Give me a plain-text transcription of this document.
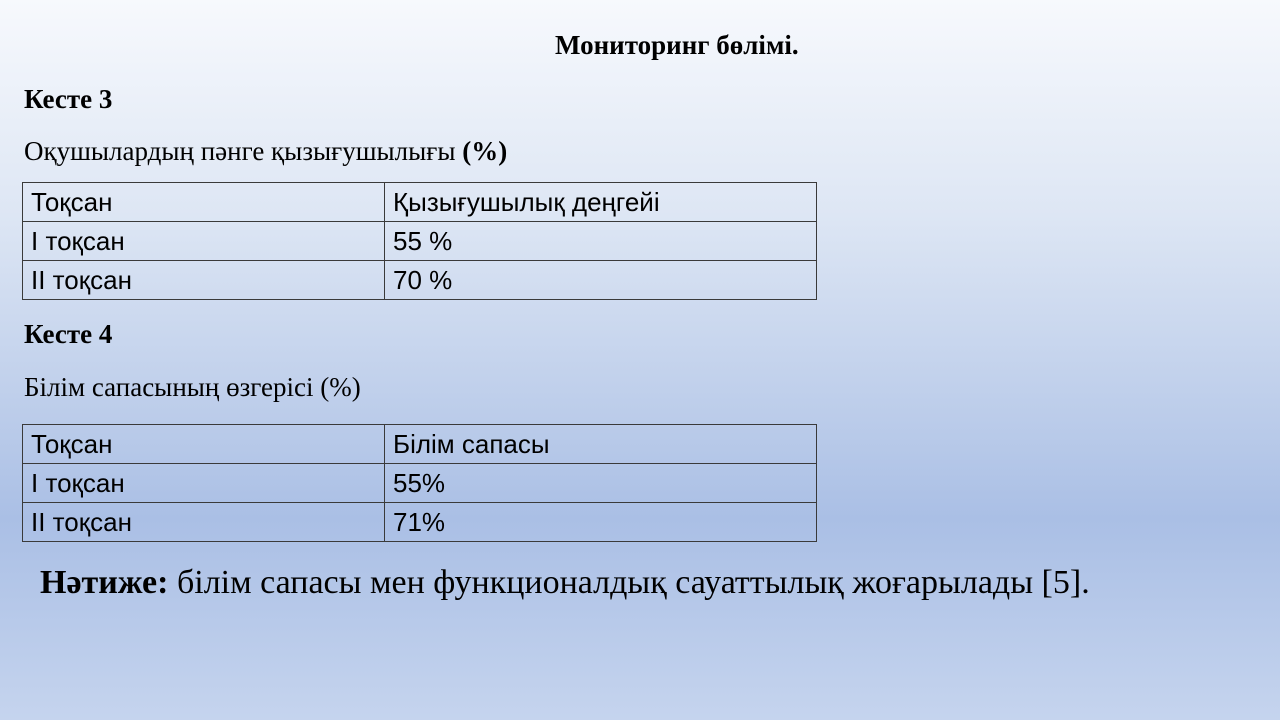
Мониторинг бөлімі.
Кесте 3

Оқушылардың пәнге қызығушылығы (%)

Тоқсан	Қызығушылық деңгейі
I тоқсан	55 %
II тоқсан	70 %
Кесте 4

Білім сапасының өзгерісі (%)

Тоқсан	Білім сапасы
I тоқсан	55%
II тоқсан	71%

Нәтиже: білім сапасы мен функционалдық сауаттылық жоғарылады [5].
